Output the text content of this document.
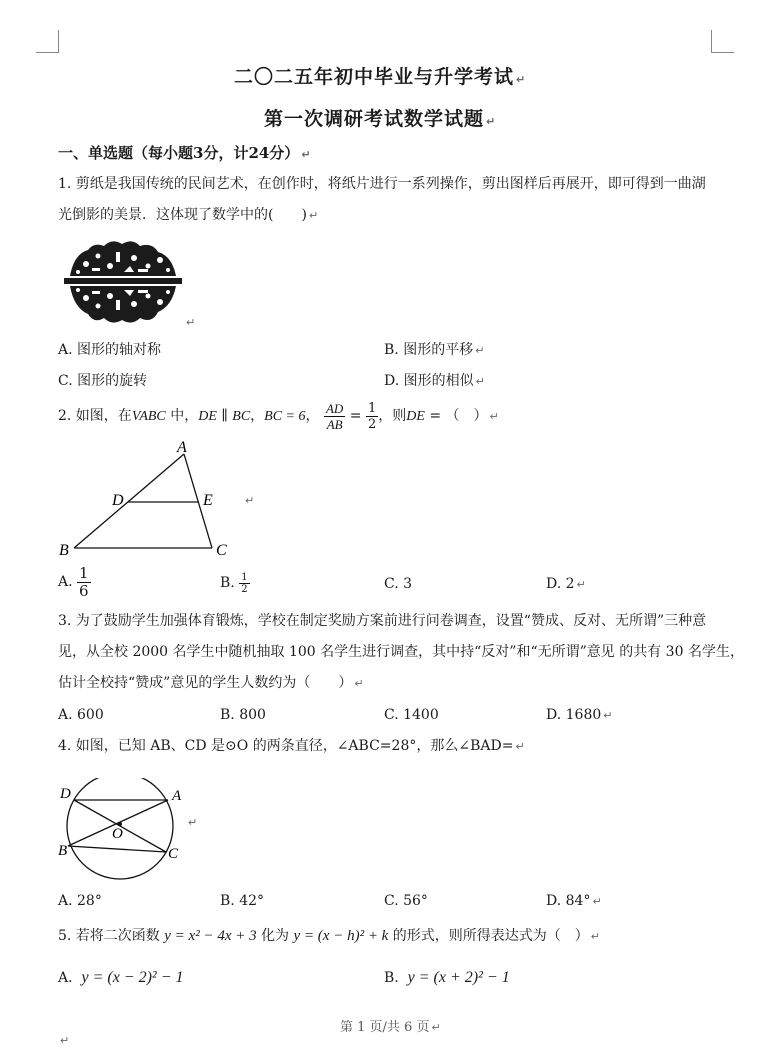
二〇二五年初中毕业与升学考试 ↵
第一次调研考试数学试题 ↵
一、单选题（每小题3分，计24分） ↵
1. 剪纸是我国传统的民间艺术，在创作时，将纸片进行一系列操作，剪出图样后再展开，即可得到一曲湖
光倒影的美景．这体现了数学中的(　　) ↵
↵
A. 图形的轴对称	B. 图形的平移 ↵
C. 图形的旋转	D. 图形的相似 ↵
2. 如图，在VABC 中，DE ∥ BC，BC = 6， $\frac{AD}{AB} = \frac{1}{2}$ ，则DE = （　） ↵
A
D	E
B	C
↵
A. $\frac{1}{6}$	B. $\frac{1}{2}$	C. 3	D. 2 ↵
3. 为了鼓励学生加强体育锻炼，学校在制定奖励方案前进行问卷调查，设置“赞成、反对、无所谓”三种意
见，从全校 2000 名学生中随机抽取 100 名学生进行调查，其中持“反对”和“无所谓”意见 的共有 30 名学生，
估计全校持“赞成”意见的学生人数约为（　　） ↵
A. 600	B. 800	C. 1400	D. 1680 ↵
4. 如图，已知 AB、CD 是⊙O 的两条直径，∠ABC=28°，那么∠BAD= ↵
D	A
O
B	C
↵
A. 28°	B. 42°	C. 56°	D. 84° ↵
5. 若将二次函数 y = x² − 4x + 3 化为 y = (x − h)² + k 的形式，则所得表达式为（　） ↵
A. y = (x − 2)² − 1	B. y = (x + 2)² − 1
第 1 页/共 6 页 ↵
↵
